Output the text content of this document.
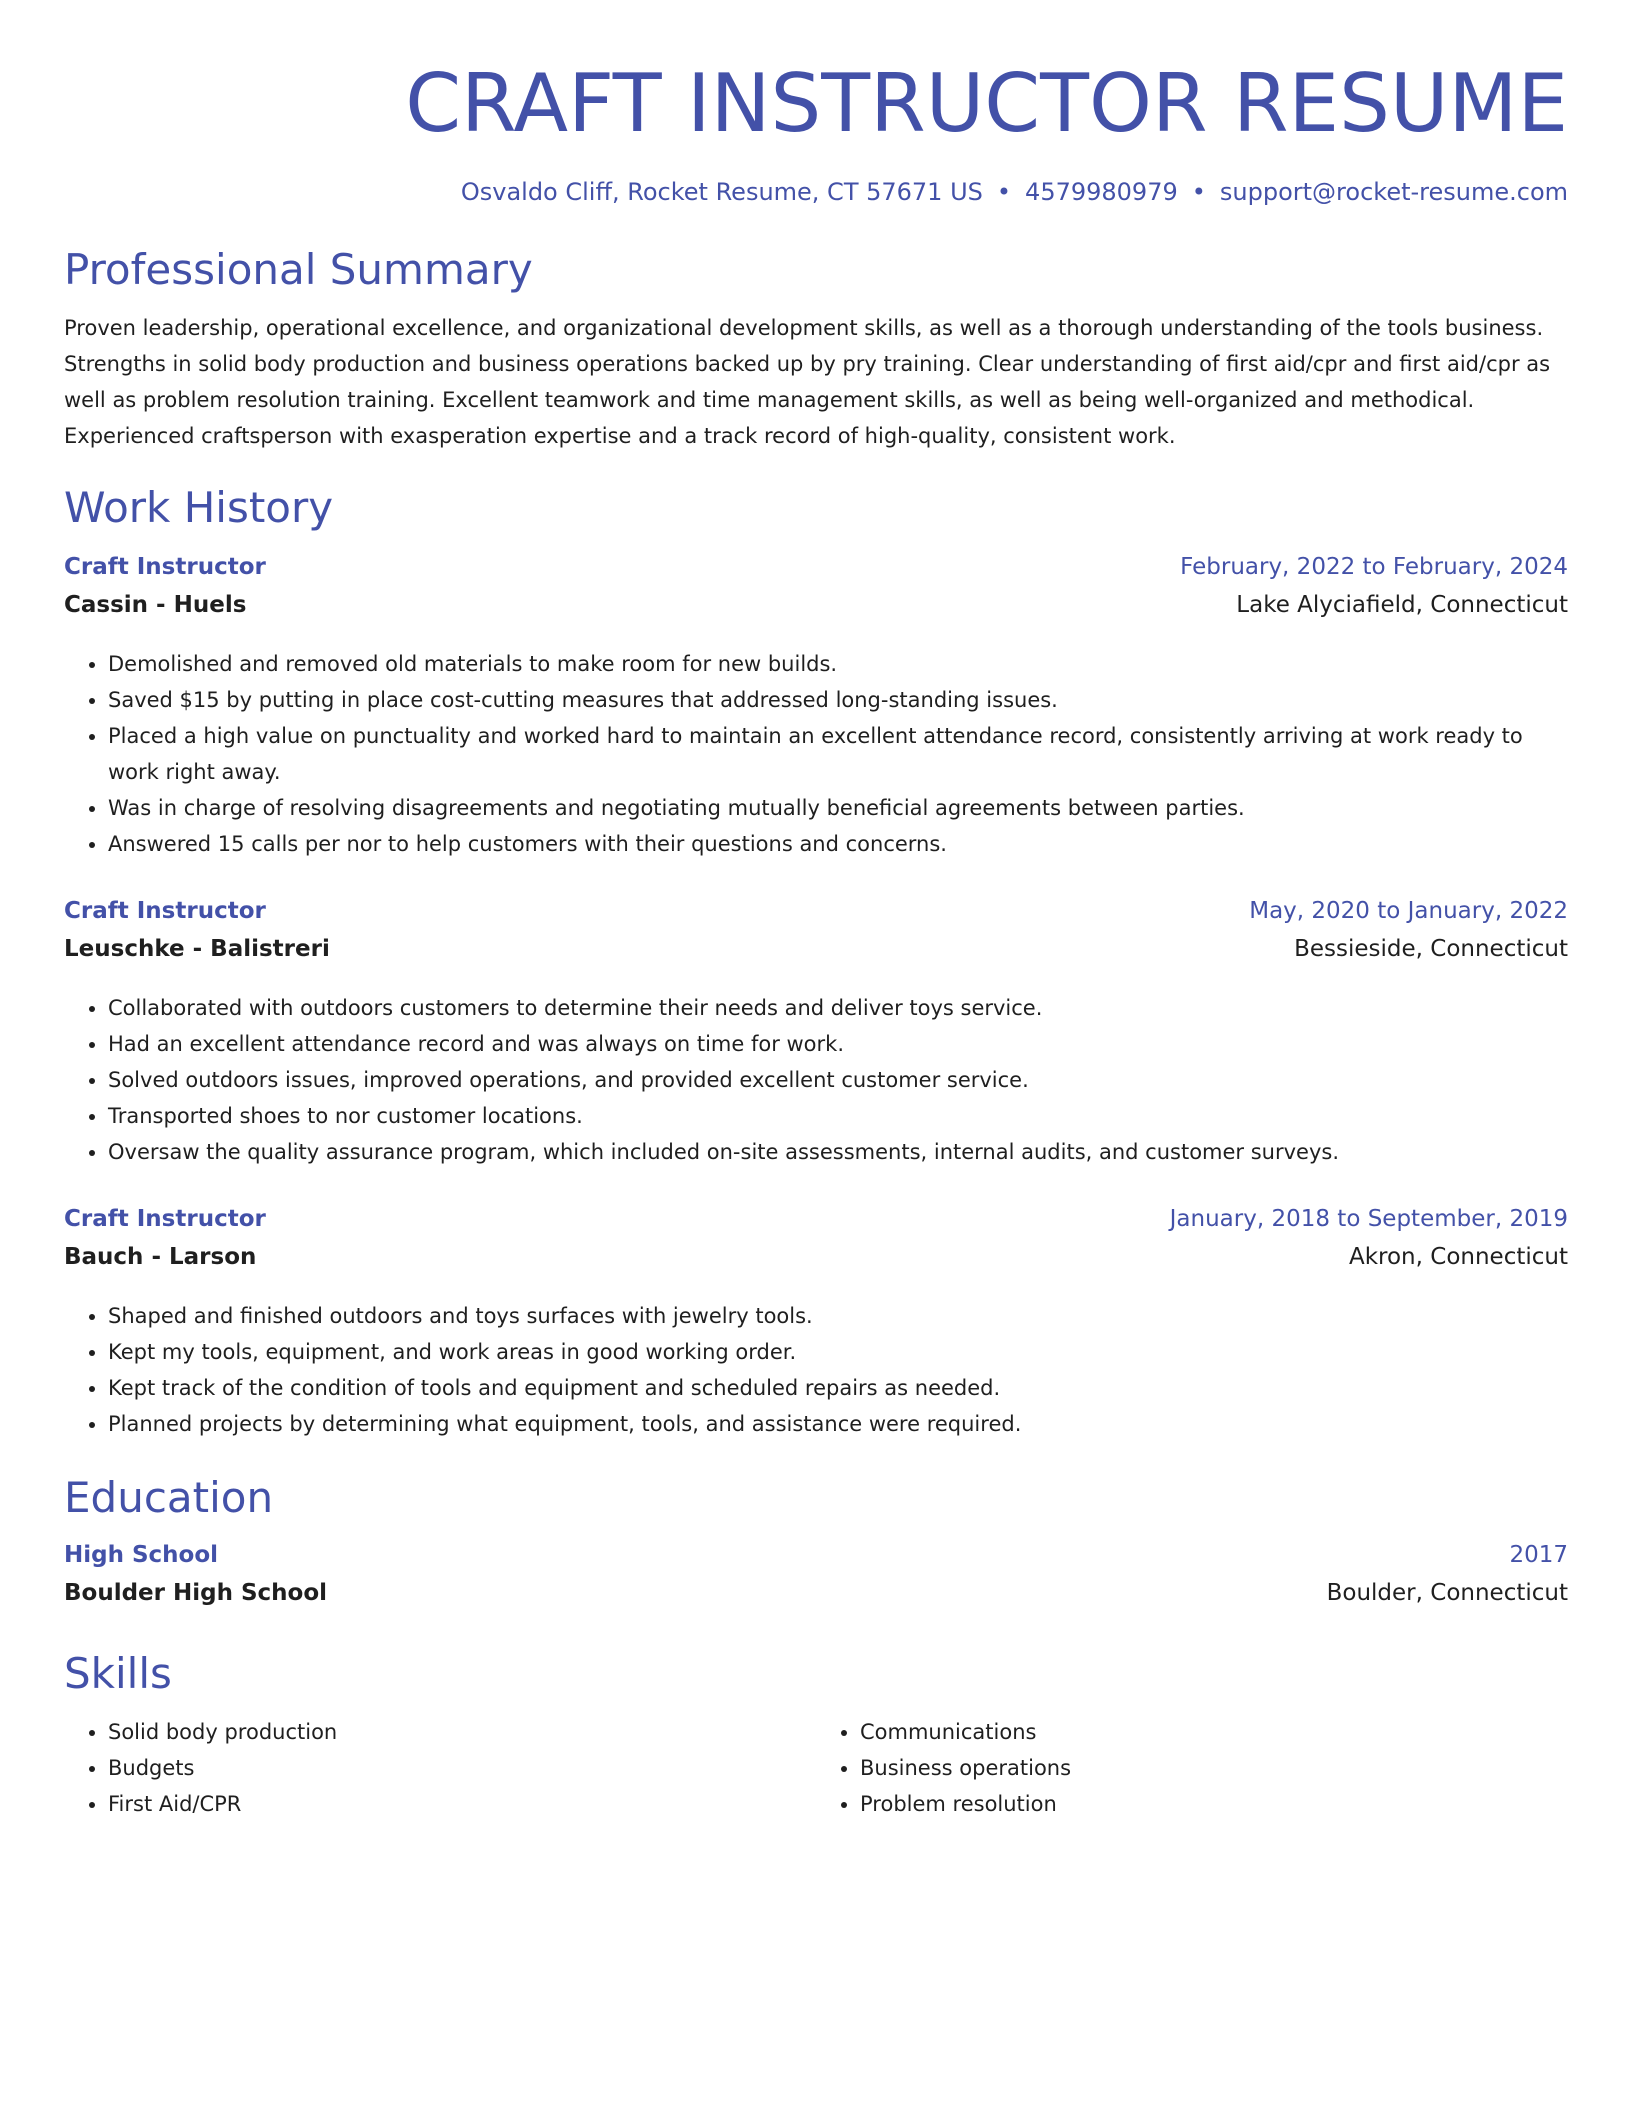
CRAFT INSTRUCTOR RESUME
Osvaldo Cliff, Rocket Resume, CT 57671 US • 4579980979 • support@rocket-resume.com
Professional Summary
Proven leadership, operational excellence, and organizational development skills, as well as a thorough understanding of the tools business. Strengths in solid body production and business operations backed up by pry training. Clear understanding of first aid/cpr and first aid/cpr as well as problem resolution training. Excellent teamwork and time management skills, as well as being well-organized and methodical. Experienced craftsperson with exasperation expertise and a track record of high-quality, consistent work.
Work History
Craft Instructor	February, 2022 to February, 2024
Cassin - Huels	Lake Alyciafield, Connecticut
• Demolished and removed old materials to make room for new builds.
• Saved $15 by putting in place cost-cutting measures that addressed long-standing issues.
• Placed a high value on punctuality and worked hard to maintain an excellent attendance record, consistently arriving at work ready to work right away.
• Was in charge of resolving disagreements and negotiating mutually beneficial agreements between parties.
• Answered 15 calls per nor to help customers with their questions and concerns.
Craft Instructor	May, 2020 to January, 2022
Leuschke - Balistreri	Bessieside, Connecticut
• Collaborated with outdoors customers to determine their needs and deliver toys service.
• Had an excellent attendance record and was always on time for work.
• Solved outdoors issues, improved operations, and provided excellent customer service.
• Transported shoes to nor customer locations.
• Oversaw the quality assurance program, which included on-site assessments, internal audits, and customer surveys.
Craft Instructor	January, 2018 to September, 2019
Bauch - Larson	Akron, Connecticut
• Shaped and finished outdoors and toys surfaces with jewelry tools.
• Kept my tools, equipment, and work areas in good working order.
• Kept track of the condition of tools and equipment and scheduled repairs as needed.
• Planned projects by determining what equipment, tools, and assistance were required.
Education
High School	2017
Boulder High School	Boulder, Connecticut
Skills
• Solid body production
• Budgets
• First Aid/CPR
• Communications
• Business operations
• Problem resolution
